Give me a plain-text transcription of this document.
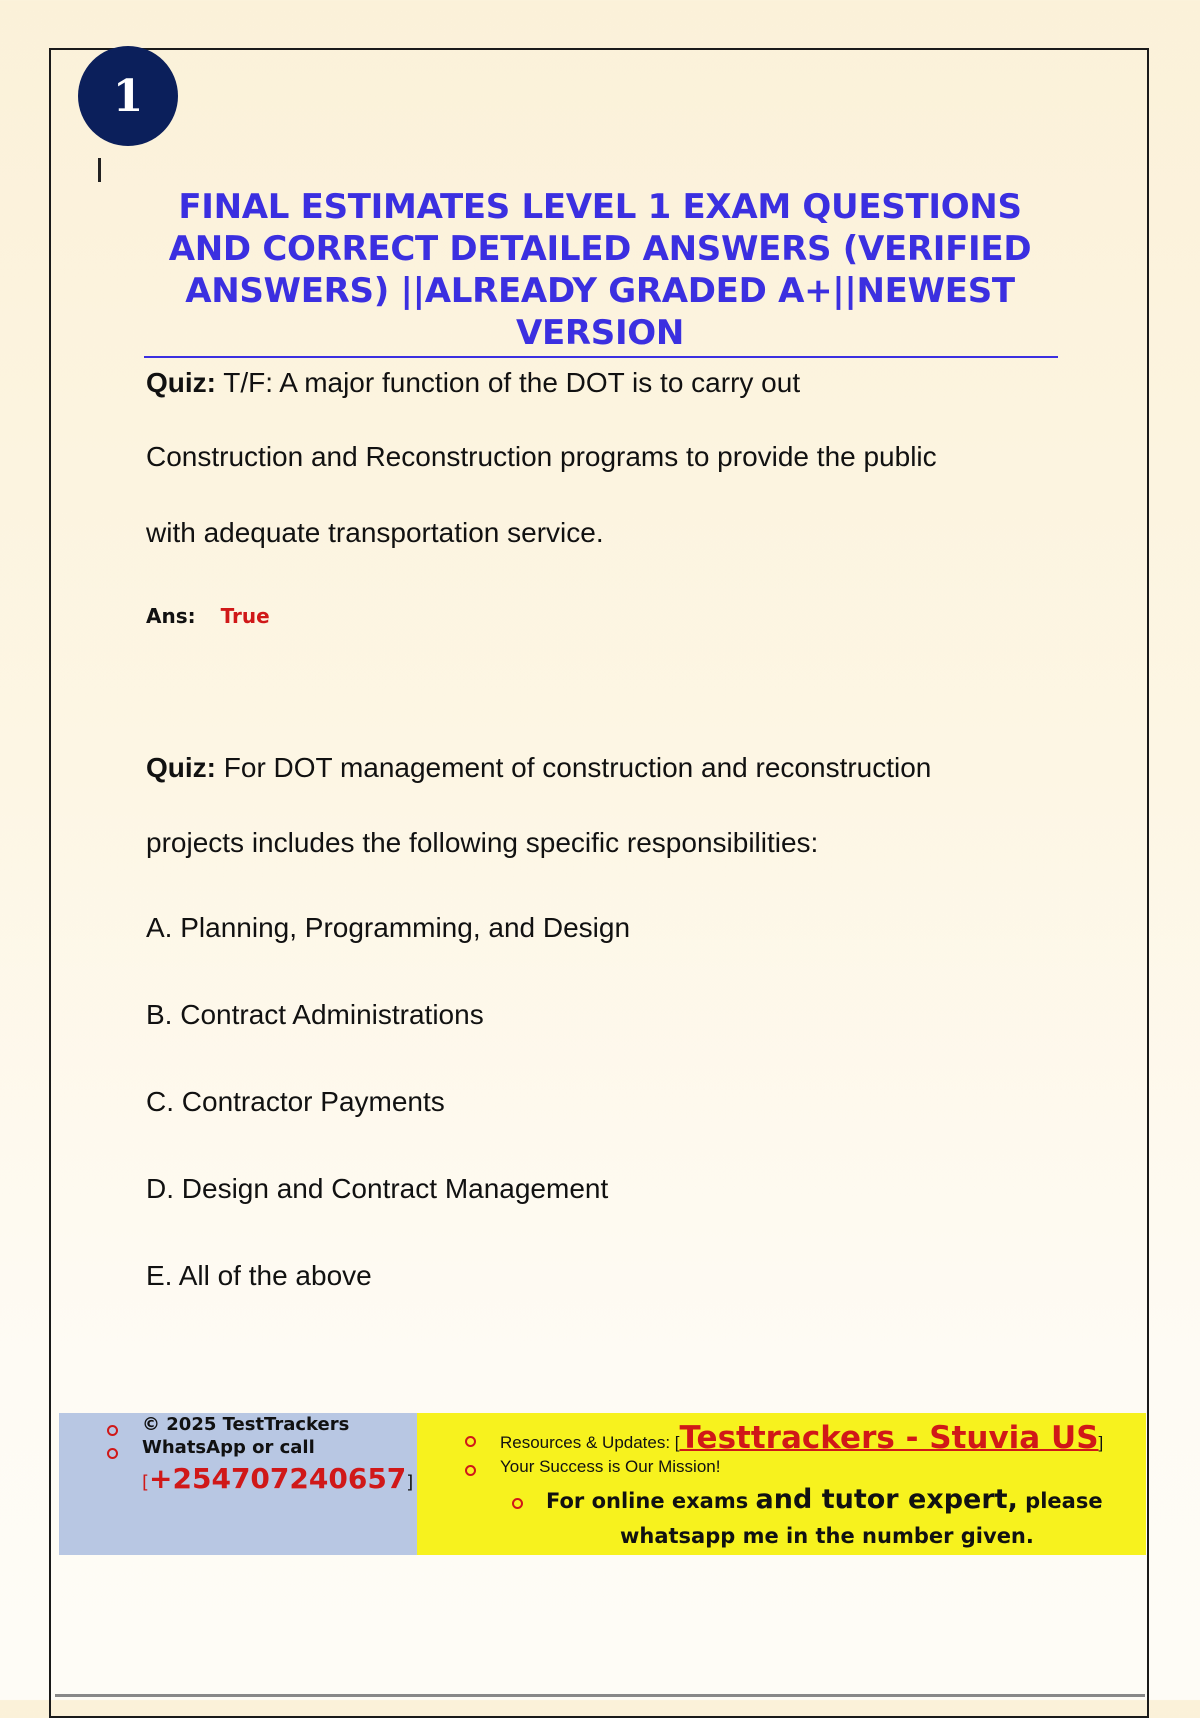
1
FINAL ESTIMATES LEVEL 1 EXAM QUESTIONS
AND CORRECT DETAILED ANSWERS (VERIFIED
ANSWERS) ||ALREADY GRADED A+||NEWEST
VERSION
Quiz: T/F: A major function of the DOT is to carry out
Construction and Reconstruction programs to provide the public
with adequate transportation service.
Ans: True
Quiz: For DOT management of construction and reconstruction
projects includes the following specific responsibilities:
A. Planning, Programming, and Design
B. Contract Administrations
C. Contractor Payments
D. Design and Contract Management
E. All of the above
© 2025 TestTrackers
WhatsApp or call
[+254707240657]
Resources & Updates: [Testtrackers - Stuvia US]
Your Success is Our Mission!
For online exams and tutor expert, please
whatsapp me in the number given.
